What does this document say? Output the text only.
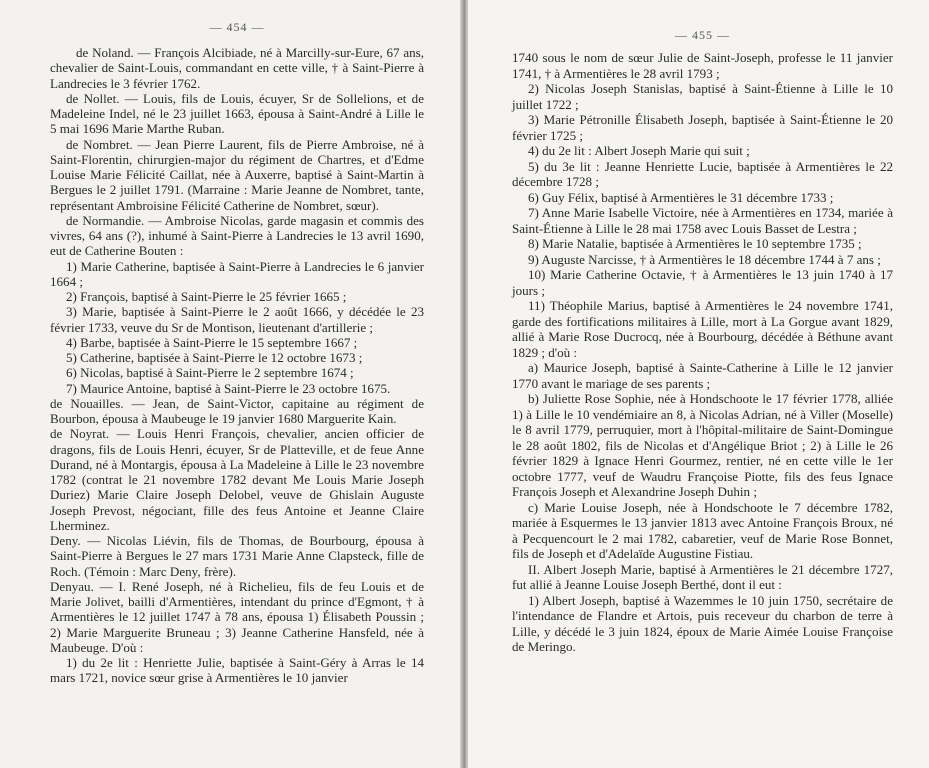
— 454 —

de Noland. — François Alcibiade, né à Marcilly-sur-Eure, 67 ans, chevalier de Saint-Louis, commandant en cette ville, † à Saint-Pierre à Landrecies le 3 février 1762.

de Nollet. — Louis, fils de Louis, écuyer, Sr de Sollelions, et de Madeleine Indel, né le 23 juillet 1663, épousa à Saint-André à Lille le 5 mai 1696 Marie Marthe Ruban.

de Nombret. — Jean Pierre Laurent, fils de Pierre Ambroise, né à Saint-Florentin, chirurgien-major du régiment de Chartres, et d'Edme Louise Marie Félicité Caillat, née à Auxerre, baptisé à Saint-Martin à Bergues le 2 juillet 1791. (Marraine : Marie Jeanne de Nombret, tante, représentant Ambroisine Félicité Catherine de Nombret, sœur).

de Normandie. — Ambroise Nicolas, garde magasin et commis des vivres, 64 ans (?), inhumé à Saint-Pierre à Landrecies le 13 avril 1690, eut de Catherine Bouten :

1) Marie Catherine, baptisée à Saint-Pierre à Landrecies le 6 janvier 1664 ;

2) François, baptisé à Saint-Pierre le 25 février 1665 ;

3) Marie, baptisée à Saint-Pierre le 2 août 1666, y décédée le 23 février 1733, veuve du Sr de Montison, lieutenant d'artillerie ;

4) Barbe, baptisée à Saint-Pierre le 15 septembre 1667 ;

5) Catherine, baptisée à Saint-Pierre le 12 octobre 1673 ;

6) Nicolas, baptisé à Saint-Pierre le 2 septembre 1674 ;

7) Maurice Antoine, baptisé à Saint-Pierre le 23 octobre 1675.

de Nouailles. — Jean, de Saint-Victor, capitaine au régiment de Bourbon, épousa à Maubeuge le 19 janvier 1680 Marguerite Kain.

de Noyrat. — Louis Henri François, chevalier, ancien officier de dragons, fils de Louis Henri, écuyer, Sr de Platteville, et de feue Anne Durand, né à Montargis, épousa à La Madeleine à Lille le 23 novembre 1782 (contrat le 21 novembre 1782 devant Me Louis Marie Joseph Duriez) Marie Claire Joseph Delobel, veuve de Ghislain Auguste Joseph Prevost, négociant, fille des feus Antoine et Jeanne Claire Lherminez.

Deny. — Nicolas Liévin, fils de Thomas, de Bourbourg, épousa à Saint-Pierre à Bergues le 27 mars 1731 Marie Anne Clapsteck, fille de Roch. (Témoin : Marc Deny, frère).

Denyau. — I. René Joseph, né à Richelieu, fils de feu Louis et de Marie Jolivet, bailli d'Armentières, intendant du prince d'Egmont, † à Armentières le 12 juillet 1747 à 78 ans, épousa 1) Élisabeth Poussin ; 2) Marie Marguerite Bruneau ; 3) Jeanne Catherine Hansfeld, née à Maubeuge. D'où :

1) du 2e lit : Henriette Julie, baptisée à Saint-Géry à Arras le 14 mars 1721, novice sœur grise à Armentières le 10 janvier

— 455 —

1740 sous le nom de sœur Julie de Saint-Joseph, professe le 11 janvier 1741, † à Armentières le 28 avril 1793 ;

2) Nicolas Joseph Stanislas, baptisé à Saint-Étienne à Lille le 10 juillet 1722 ;

3) Marie Pétronille Élisabeth Joseph, baptisée à Saint-Étienne le 20 février 1725 ;

4) du 2e lit : Albert Joseph Marie qui suit ;

5) du 3e lit : Jeanne Henriette Lucie, baptisée à Armentières le 22 décembre 1728 ;

6) Guy Félix, baptisé à Armentières le 31 décembre 1733 ;

7) Anne Marie Isabelle Victoire, née à Armentières en 1734, mariée à Saint-Étienne à Lille le 28 mai 1758 avec Louis Basset de Lestra ;

8) Marie Natalie, baptisée à Armentières le 10 septembre 1735 ;

9) Auguste Narcisse, † à Armentières le 18 décembre 1744 à 7 ans ;

10) Marie Catherine Octavie, † à Armentières le 13 juin 1740 à 17 jours ;

11) Théophile Marius, baptisé à Armentières le 24 novembre 1741, garde des fortifications militaires à Lille, mort à La Gorgue avant 1829, allié à Marie Rose Ducrocq, née à Bourbourg, décédée à Béthune avant 1829 ; d'où :

a) Maurice Joseph, baptisé à Sainte-Catherine à Lille le 12 janvier 1770 avant le mariage de ses parents ;

b) Juliette Rose Sophie, née à Hondschoote le 17 février 1778, alliée 1) à Lille le 10 vendémiaire an 8, à Nicolas Adrian, né à Viller (Moselle) le 8 avril 1779, perruquier, mort à l'hôpital-militaire de Saint-Domingue le 28 août 1802, fils de Nicolas et d'Angélique Briot ; 2) à Lille le 26 février 1829 à Ignace Henri Gourmez, rentier, né en cette ville le 1er octobre 1777, veuf de Waudru Françoise Piotte, fils des feus Ignace François Joseph et Alexandrine Joseph Duhin ;

c) Marie Louise Joseph, née à Hondschoote le 7 décembre 1782, mariée à Esquermes le 13 janvier 1813 avec Antoine François Broux, né à Pecquencourt le 2 mai 1782, cabaretier, veuf de Marie Rose Bonnet, fils de Joseph et d'Adelaïde Augustine Fistiau.

II. Albert Joseph Marie, baptisé à Armentières le 21 décembre 1727, fut allié à Jeanne Louise Joseph Berthé, dont il eut :

1) Albert Joseph, baptisé à Wazemmes le 10 juin 1750, secrétaire de l'intendance de Flandre et Artois, puis receveur du charbon de terre à Lille, y décédé le 3 juin 1824, époux de Marie Aimée Louise Françoise de Meringo.
